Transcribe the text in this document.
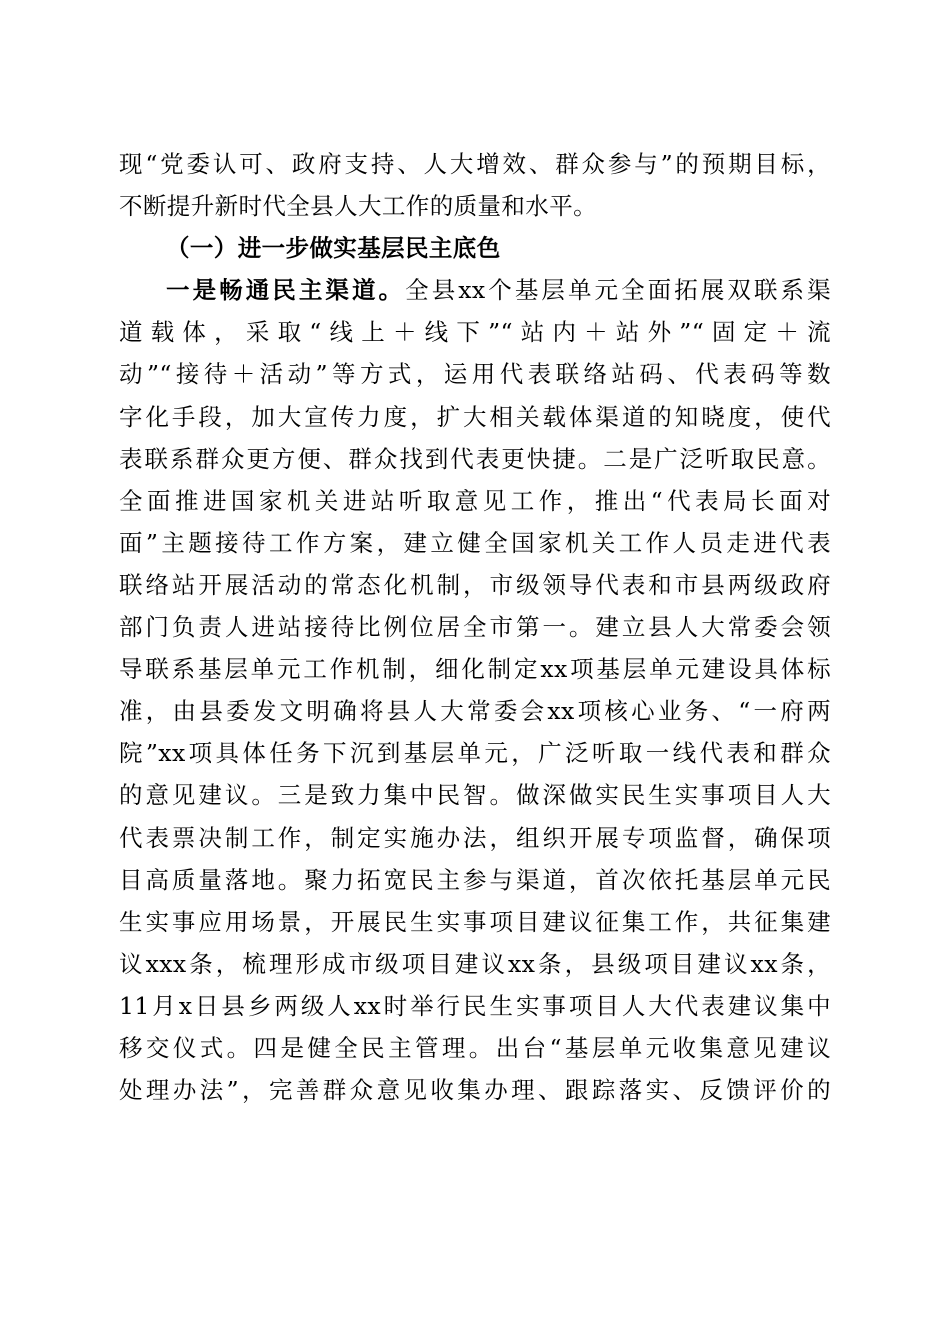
现“党委认可、政府支持、人大增效、群众参与”的预期目标，
不断提升新时代全县人大工作的质量和水平。
（一）进一步做实基层民主底色
一是畅通民主渠道。全县xx个基层单元全面拓展双联系渠
道载体，采取“线上＋线下”“站内＋站外”“固定＋流
动”“接待＋活动”等方式，运用代表联络站码、代表码等数
字化手段，加大宣传力度，扩大相关载体渠道的知晓度，使代
表联系群众更方便、群众找到代表更快捷。二是广泛听取民意。
全面推进国家机关进站听取意见工作，推出“代表局长面对
面”主题接待工作方案，建立健全国家机关工作人员走进代表
联络站开展活动的常态化机制，市级领导代表和市县两级政府
部门负责人进站接待比例位居全市第一。建立县人大常委会领
导联系基层单元工作机制，细化制定xx项基层单元建设具体标
准，由县委发文明确将县人大常委会xx项核心业务、“一府两
院”xx项具体任务下沉到基层单元，广泛听取一线代表和群众
的意见建议。三是致力集中民智。做深做实民生实事项目人大
代表票决制工作，制定实施办法，组织开展专项监督，确保项
目高质量落地。聚力拓宽民主参与渠道，首次依托基层单元民
生实事应用场景，开展民生实事项目建议征集工作，共征集建
议xxx条，梳理形成市级项目建议xx条，县级项目建议xx条，
11月x日县乡两级人xx时举行民生实事项目人大代表建议集中
移交仪式。四是健全民主管理。出台“基层单元收集意见建议
处理办法”，完善群众意见收集办理、跟踪落实、反馈评价的
